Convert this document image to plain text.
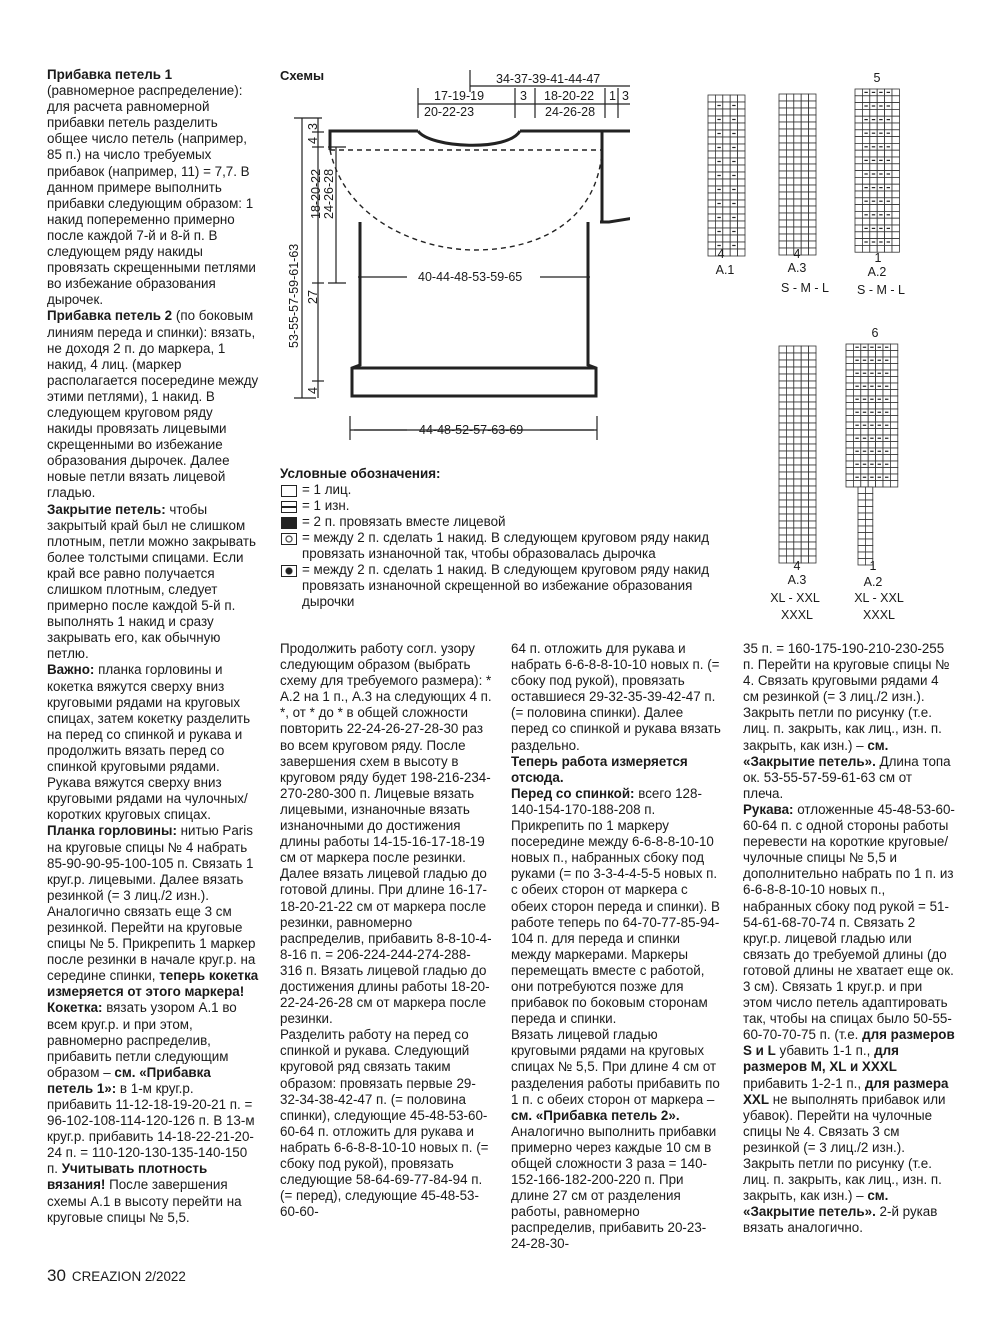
Прибавка петель 1 (равномерное распределение): для расчета равномерной прибавки петель разделить общее число петель (например, 85 п.) на число требуемых прибавок (например, 11) = 7,7. В данном примере выполнить прибавки следующим образом: 1 накид попеременно примерно после каждой 7-й и 8-й п. В следующем ряду накиды провязать скрещенными петлями во избежание образования дырочек.

Прибавка петель 2 (по боковым линиям переда и спинки): вязать, не доходя 2 п. до маркера, 1 накид, 4 лиц. (маркер располагается посередине между этими петлями), 1 накид. В следующем круговом ряду накиды провязать лицевыми скрещенными во избежание образования дырочек. Далее новые петли вязать лицевой гладью.

Закрытие петель: чтобы закрытый край был не слишком плотным, петли можно закрывать более толстыми спицами. Если край все равно получается слишком плотным, следует примерно после каждой 5-й п. выполнять 1 накид и сразу закрывать его, как обычную петлю.

Важно: планка горловины и кокетка вяжутся сверху вниз круговыми рядами на круговых спицах, затем кокетку разделить на перед со спинкой и рукава и продолжить вязать перед со спинкой круговыми рядами. Рукава вяжутся сверху вниз круговыми рядами на чулочных/коротких круговых спицах.

Планка горловины: нитью Paris на круговые спицы № 4 набрать 85-90-90-95-100-105 п. Связать 1 круг.р. лицевыми. Далее вязать резинкой (= 3 лиц./2 изн.). Аналогично связать еще 3 см резинкой. Перейти на круговые спицы № 5. Прикрепить 1 маркер после резинки в начале круг.р. на середине спинки, теперь кокетка измеряется от этого маркера!

Кокетка: вязать узором A.1 во всем круг.р. и при этом, равномерно распределив, прибавить петли следующим образом – см. «Прибавка петель 1»: в 1-м круг.р. прибавить 11-12-18-19-20-21 п. = 96-102-108-114-120-126 п. В 13-м круг.р. прибавить 14-18-22-21-20-24 п. = 110-120-130-135-140-150 п. Учитывать плотность вязания! После завершения схемы A.1 в высоту перейти на круговые спицы № 5,5.

Продолжить работу согл. узору следующим образом (выбрать схему для требуемого размера): * A.2 на 1 п., A.3 на следующих 4 п. *, от * до * в общей сложности повторить 22-24-26-27-28-30 раз во всем круговом ряду. После завершения схем в высоту в круговом ряду будет 198-216-234-270-280-300 п. Лицевые вязать лицевыми, изнаночные вязать изнаночными до достижения длины работы 14-15-16-17-18-19 см от маркера после резинки.

Далее вязать лицевой гладью до готовой длины. При длине 16-17-18-20-21-22 см от маркера после резинки, равномерно распределив, прибавить 8-8-10-4-8-16 п. = 206-224-244-274-288-316 п. Вязать лицевой гладью до достижения длины работы 18-20-22-24-26-28 см от маркера после резинки.

Разделить работу на перед со спинкой и рукава. Следующий круговой ряд связать таким образом: провязать первые 29-32-34-38-42-47 п. (= половина спинки), следующие 45-48-53-60-60-64 п. отложить для рукава и набрать 6-6-8-8-10-10 новых п. (= сбоку под рукой), провязать следующие 58-64-69-77-84-94 п. (= перед), следующие 45-48-53-60-60-

64 п. отложить для рукава и набрать 6-6-8-8-10-10 новых п. (= сбоку под рукой), провязать оставшиеся 29-32-35-39-42-47 п. (= половина спинки). Далее перед со спинкой и рукава вязать раздельно.

Теперь работа измеряется отсюда.

Перед со спинкой: всего 128-140-154-170-188-208 п. Прикрепить по 1 маркеру посередине между 6-6-8-8-10-10 новых п., набранных сбоку под руками (= по 3-3-4-4-5-5 новых п. с обеих сторон от маркера с обеих сторон переда и спинки). В работе теперь по 64-70-77-85-94-104 п. для переда и спинки между маркерами. Маркеры перемещать вместе с работой, они потребуются позже для прибавок по боковым сторонам переда и спинки.

Вязать лицевой гладью круговыми рядами на круговых спицах № 5,5. При длине 4 см от разделения работы прибавить по 1 п. с обеих сторон от маркера – см. «Прибавка петель 2». Аналогично выполнить прибавки примерно через каждые 10 см в общей сложности 3 раза = 140-152-166-182-200-220 п. При длине 27 см от разделения работы, равномерно распределив, прибавить 20-23-24-28-30-

35 п. = 160-175-190-210-230-255 п. Перейти на круговые спицы № 4. Связать круговыми рядами 4 см резинкой (= 3 лиц./2 изн.). Закрыть петли по рисунку (т.е. лиц. п. закрыть, как лиц., изн. п. закрыть, как изн.) – см. «Закрытие петель». Длина топа ок. 53-55-57-59-61-63 см от плеча.

Рукава: отложенные 45-48-53-60-60-64 п. с одной стороны работы перевести на короткие круговые/чулочные спицы № 5,5 и дополнительно набрать по 1 п. из 6-6-8-8-10-10 новых п., набранных сбоку под рукой = 51-54-61-68-70-74 п. Связать 2 круг.р. лицевой гладью или связать до требуемой длины (до готовой длины не хватает еще ок. 3 см). Связать 1 круг.р. и при этом число петель адаптировать так, чтобы на спицах было 50-55-60-70-70-75 п. (т.е. для размеров S и L убавить 1-1 п., для размеров M, XL и XXXL прибавить 1-2-1 п., для размера XXL не выполнять прибавок или убавок). Перейти на чулочные спицы № 4. Связать 3 см резинкой (= 3 лиц./2 изн.). Закрыть петли по рисунку (т.е. лиц. п. закрыть, как лиц., изн. п. закрыть, как изн.) – см. «Закрытие петель». 2-й рукав вязать аналогично.

Схемы	34-37-39-41-44-47
17-19-19
20-22-23
3 18-20-22
24-26-28
1 3
40-44-48-53-59-65
44-48-52-57-63-69
3
4
18-20-22 24-26-28
27
4
53-55-57-59-61-63	4
A.1
4
A.3
S - M - L
5
1
A.2
S - M - L
4
A.3
XL - XXL
XXXL
6
1
A.2
XL - XXL
XXXL
Условные обозначения:
= 1 лиц.
= 1 изн.
= 2 п. провязать вместе лицевой
= между 2 п. сделать 1 накид. В следующем круговом ряду накид провязать изнаночной так, чтобы образовалась дырочка
= между 2 п. сделать 1 накид. В следующем круговом ряду накид провязать изнаночной скрещенной во избежание образования дырочки
30 CREAZION 2/2022
